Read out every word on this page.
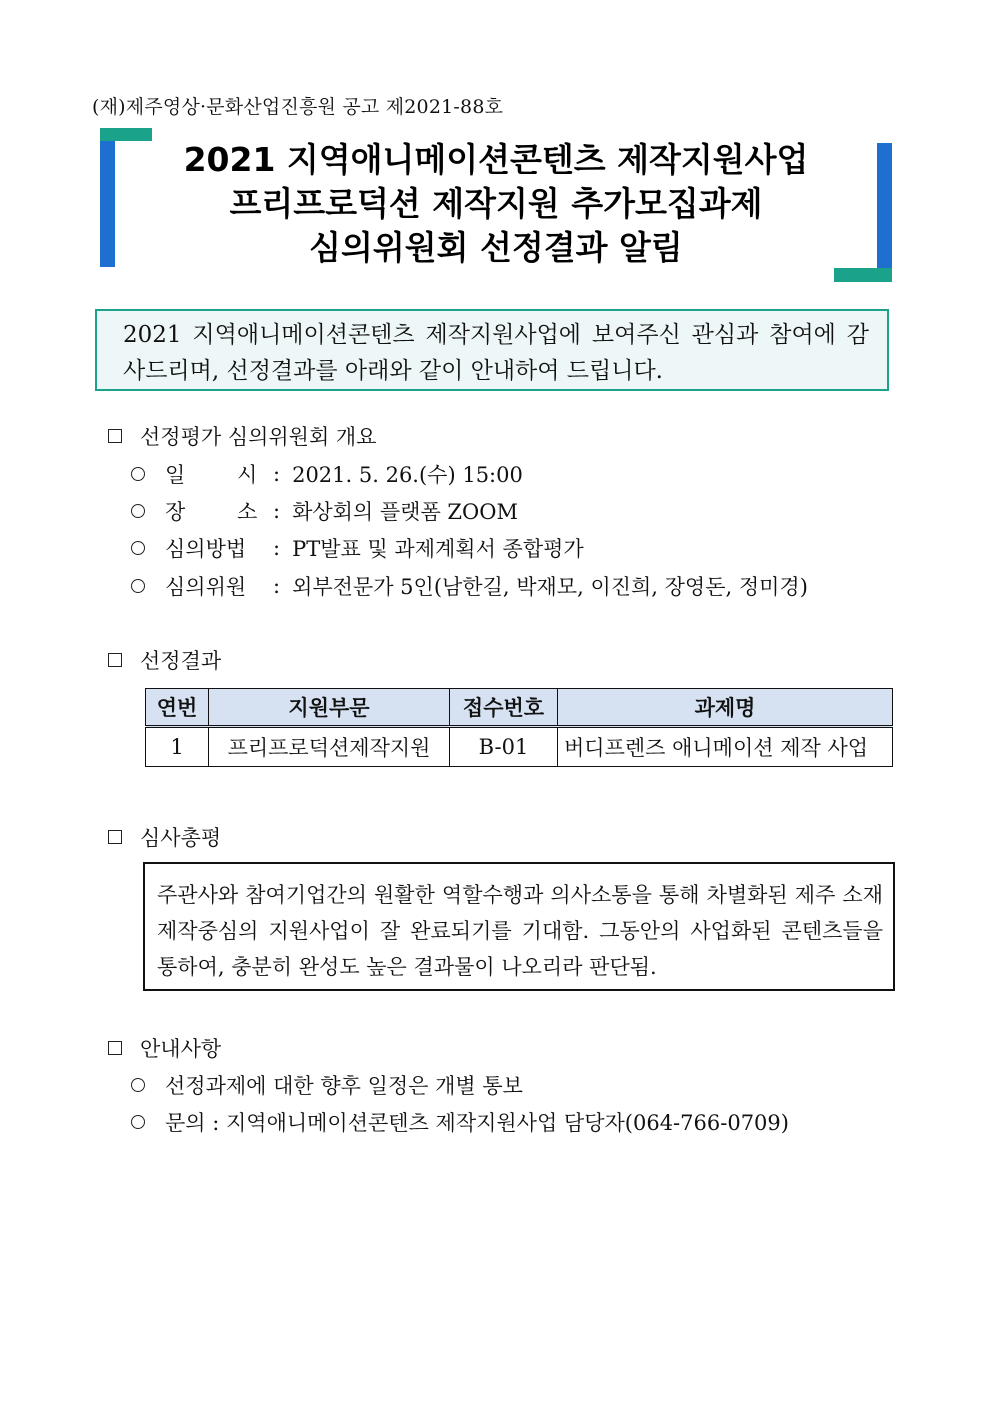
(재)제주영상·문화산업진흥원 공고 제2021-88호
2021 지역애니메이션콘텐츠 제작지원사업
프리프로덕션 제작지원 추가모집과제
심의위원회 선정결과 알림
2021 지역애니메이션콘텐츠 제작지원사업에 보여주신 관심과 참여에 감사드리며, 선정결과를 아래와 같이 안내하여 드립니다.
선정평가 심의위원회 개요
일 시 : 2021. 5. 26.(수) 15:00
장 소 : 화상회의 플랫폼 ZOOM
심의방법	: PT발표 및 과제계획서 종합평가
심의위원	: 외부전문가 5인(남한길, 박재모, 이진희, 장영돈, 정미경)
선정결과
연번	지원부문	접수번호	과제명
1	프리프로덕션제작지원	B-01	버디프렌즈 애니메이션 제작 사업
심사총평
주관사와 참여기업간의 원활한 역할수행과 의사소통을 통해 차별화된 제주 소재 제작중심의 지원사업이 잘 완료되기를 기대함. 그동안의 사업화된 콘텐츠들을 통하여, 충분히 완성도 높은 결과물이 나오리라 판단됨.
안내사항
선정과제에 대한 향후 일정은 개별 통보
문의 : 지역애니메이션콘텐츠 제작지원사업 담당자(064-766-0709)
